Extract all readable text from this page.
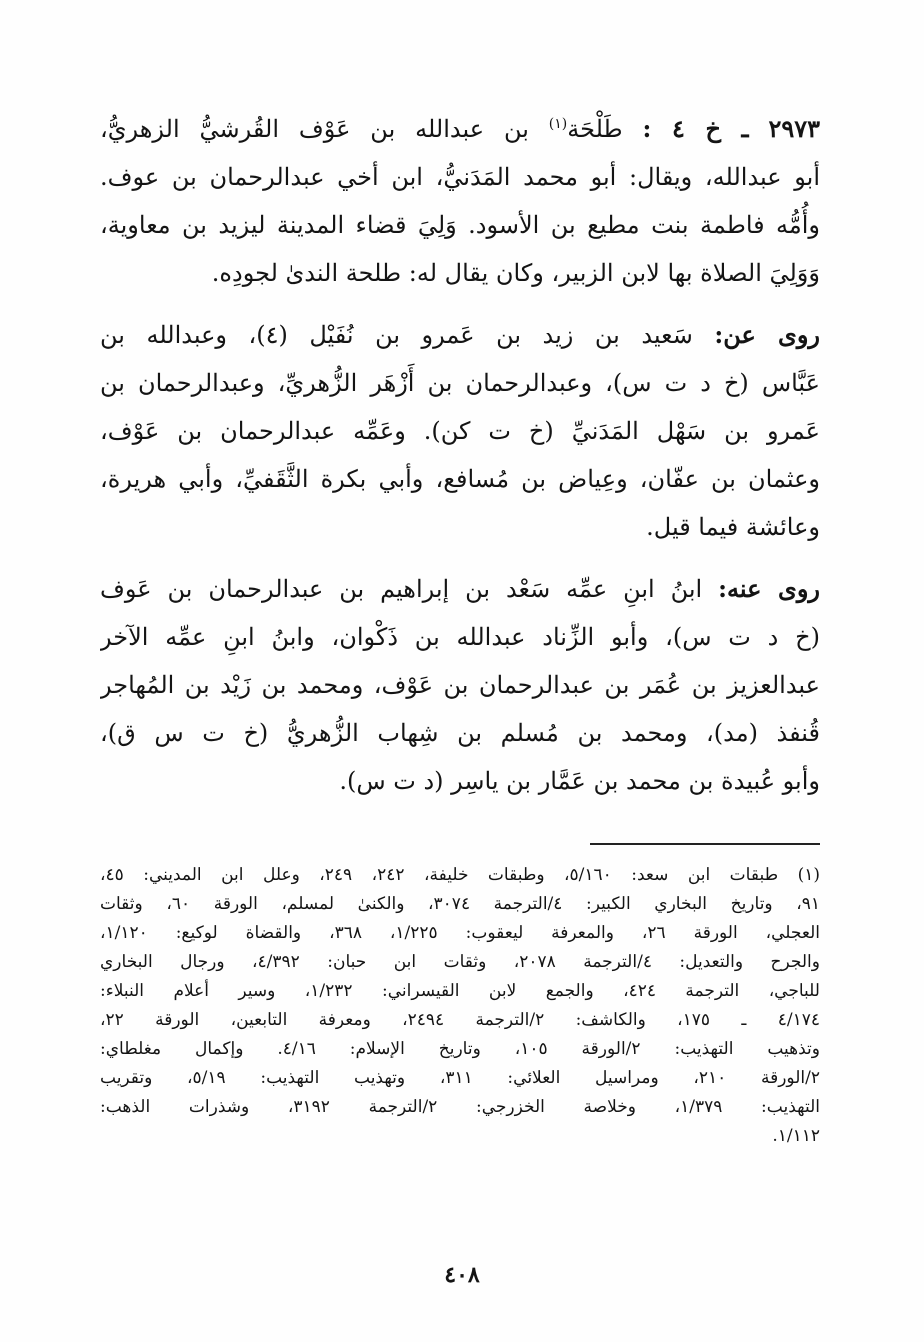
٢٩٧٣ ـ خ ٤ : طَلْحَة$^{(١)}$ بن عبدالله بن عَوْف القُرشيُّ الزهريُّ،
أبو عبدالله، ويقال: أبو محمد المَدَنيُّ، ابن أخي عبدالرحمان بن عوف.
وأُمُّه فاطمة بنت مطيع بن الأسود. وَلِيَ قضاء المدينة ليزيد بن معاوية،
وَوَلِيَ الصلاة بها لابن الزبير، وكان يقال له: طلحة الندىٰ لجودِه.
روى عن: سَعيد بن زيد بن عَمرو بن نُفَيْل (٤)، وعبدالله بن
عَبَّاس (خ د ت س)، وعبدالرحمان بن أَزْهَر الزُّهريِّ، وعبدالرحمان بن
عَمرو بن سَهْل المَدَنيِّ (خ ت كن). وعَمِّه عبدالرحمان بن عَوْف،
وعثمان بن عفّان، وعِياض بن مُسافع، وأبي بكرة الثَّقَفيِّ، وأبي هريرة،
وعائشة فيما قيل.
روى عنه: ابنُ ابنِ عمِّه سَعْد بن إبراهيم بن عبدالرحمان بن عَوف
(خ د ت س)، وأبو الزِّناد عبدالله بن ذَكْوان، وابنُ ابنِ عمِّه الآخر
عبدالعزيز بن عُمَر بن عبدالرحمان بن عَوْف، ومحمد بن زَيْد بن المُهاجر
قُنفذ (مد)، ومحمد بن مُسلم بن شِهاب الزُّهريُّ (خ ت س ق)،
وأبو عُبيدة بن محمد بن عَمَّار بن ياسِر (د ت س).
(١) طبقات ابن سعد: ٥/١٦٠، وطبقات خليفة، ٢٤٢، ٢٤٩، وعلل ابن المديني: ٤٥،
٩١، وتاريخ البخاري الكبير: ٤/الترجمة ٣٠٧٤، والكنىٰ لمسلم، الورقة ٦٠، وثقات
العجلي، الورقة ٢٦، والمعرفة ليعقوب: ١/٢٢٥، ٣٦٨، والقضاة لوكيع: ١/١٢٠،
والجرح والتعديل: ٤/الترجمة ٢٠٧٨، وثقات ابن حبان: ٤/٣٩٢، ورجال البخاري
للباجي، الترجمة ٤٢٤، والجمع لابن القيسراني: ١/٢٣٢، وسير أعلام النبلاء:
٤/١٧٤ ـ ١٧٥، والكاشف: ٢/الترجمة ٢٤٩٤، ومعرفة التابعين، الورقة ٢٢،
وتذهيب التهذيب: ٢/الورقة ١٠٥، وتاريخ الإسلام: ٤/١٦. وإكمال مغلطاي:
٢/الورقة ٢١٠، ومراسيل العلائي: ٣١١، وتهذيب التهذيب: ٥/١٩، وتقريب
التهذيب: ١/٣٧٩، وخلاصة الخزرجي: ٢/الترجمة ٣١٩٢، وشذرات الذهب:
١/١١٢.
٤٠٨
